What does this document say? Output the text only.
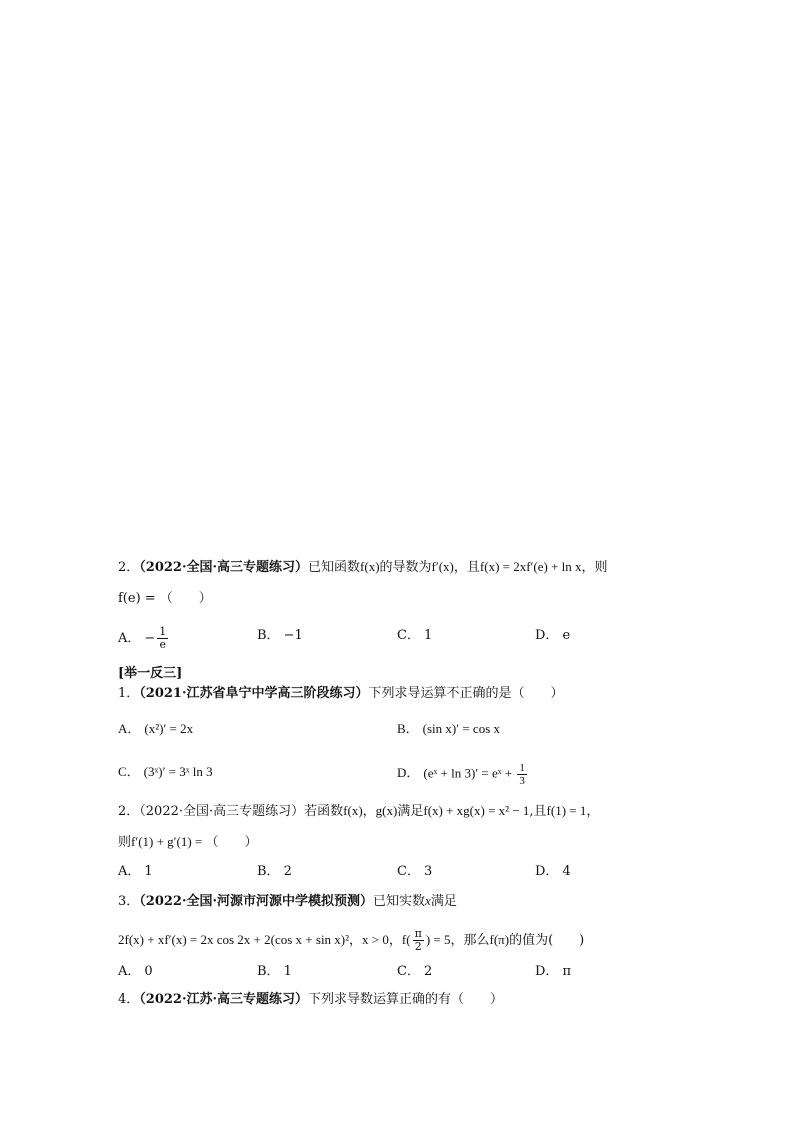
2．（2022·全国·高三专题练习）已知函数f(x)的导数为f′(x)，且f(x) = 2xf′(e) + ln x，则
f(e) = （　　）
A． − $\frac{1}{e}$	B． −1	C． 1	D． e
[举一反三]
1．（2021·江苏省阜宁中学高三阶段练习）下列求导运算不正确的是（　　）
A． (x²)′ = 2x	B． (sin x)′ = cos x
C． (3ˣ)′ = 3ˣ ln 3	D． (eˣ + ln 3)′ = eˣ + $\frac{1}{3}$
2．（2022·全国·高三专题练习）若函数f(x)，g(x)满足f(x) + xg(x) = x² − 1,且f(1) = 1，
则f′(1) + g′(1) = （　　）
A． 1	B． 2	C． 3	D． 4
3．（2022·全国·河源市河源中学模拟预测）已知实数x满足
2f(x) + xf′(x) = 2x cos 2x + 2(cos x + sin x)²，x > 0，$f( \frac{\pi}{2}$ ) = 5，那么f(π)的值为(　　)
A． 0	B． 1	C． 2	D． π
4．（2022·江苏·高三专题练习）下列求导数运算正确的有（　　）
